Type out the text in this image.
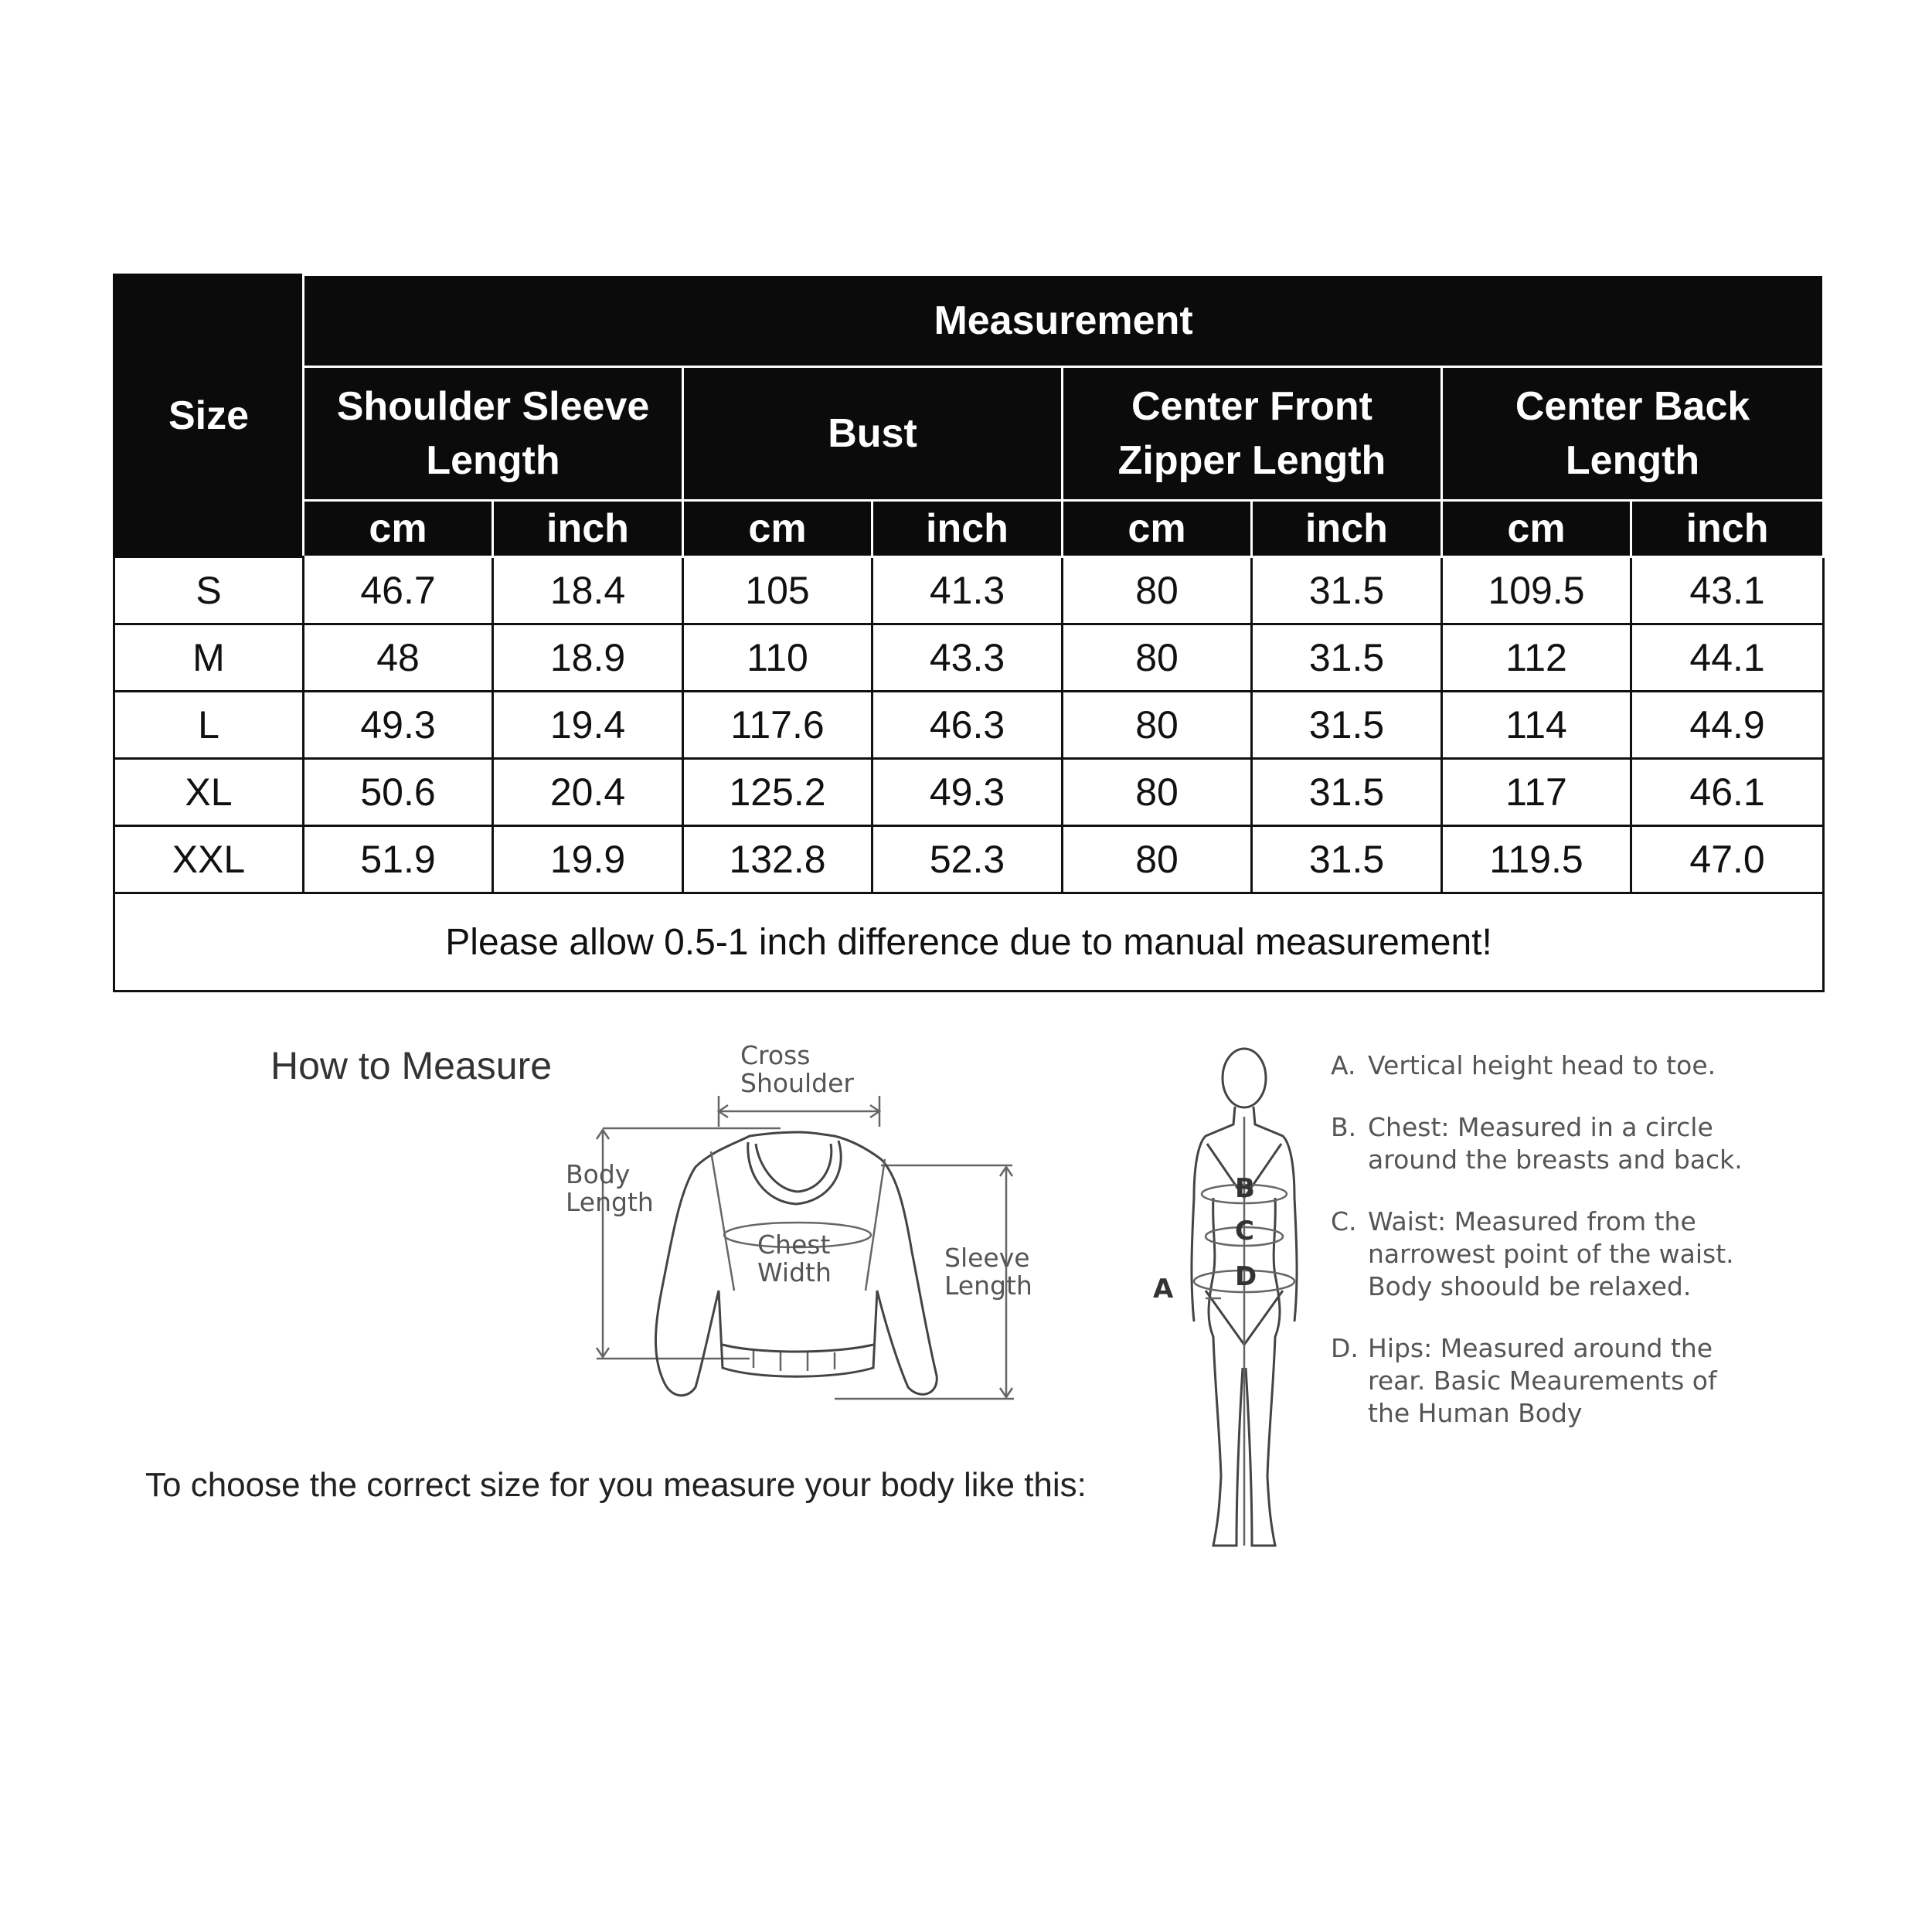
Size	Measurement							
	Shoulder Sleeve Length		Bust		Center Front Zipper Length		Center Back Length	
	cm	inch	cm	inch	cm	inch	cm	inch
S	46.7	18.4	105	41.3	80	31.5	109.5	43.1
M	48	18.9	110	43.3	80	31.5	112	44.1
L	49.3	19.4	117.6	46.3	80	31.5	114	44.9
XL	50.6	20.4	125.2	49.3	80	31.5	117	46.1
XXL	51.9	19.9	132.8	52.3	80	31.5	119.5	47.0
Please allow 0.5-1 inch difference due to manual measurement!								
How to Measure	Cross Shoulder
Body Length
Chest Width	Sleeve Length
To choose the correct size for you measure your body like this:
B
C
D
A
A. Vertical height head to toe.
B. Chest: Measured in a circle around the breasts and back.
C. Waist: Measured from the narrowest point of the waist. Body shoould be relaxed.
D. Hips: Measured around the rear. Basic Meaurements of the Human Body
